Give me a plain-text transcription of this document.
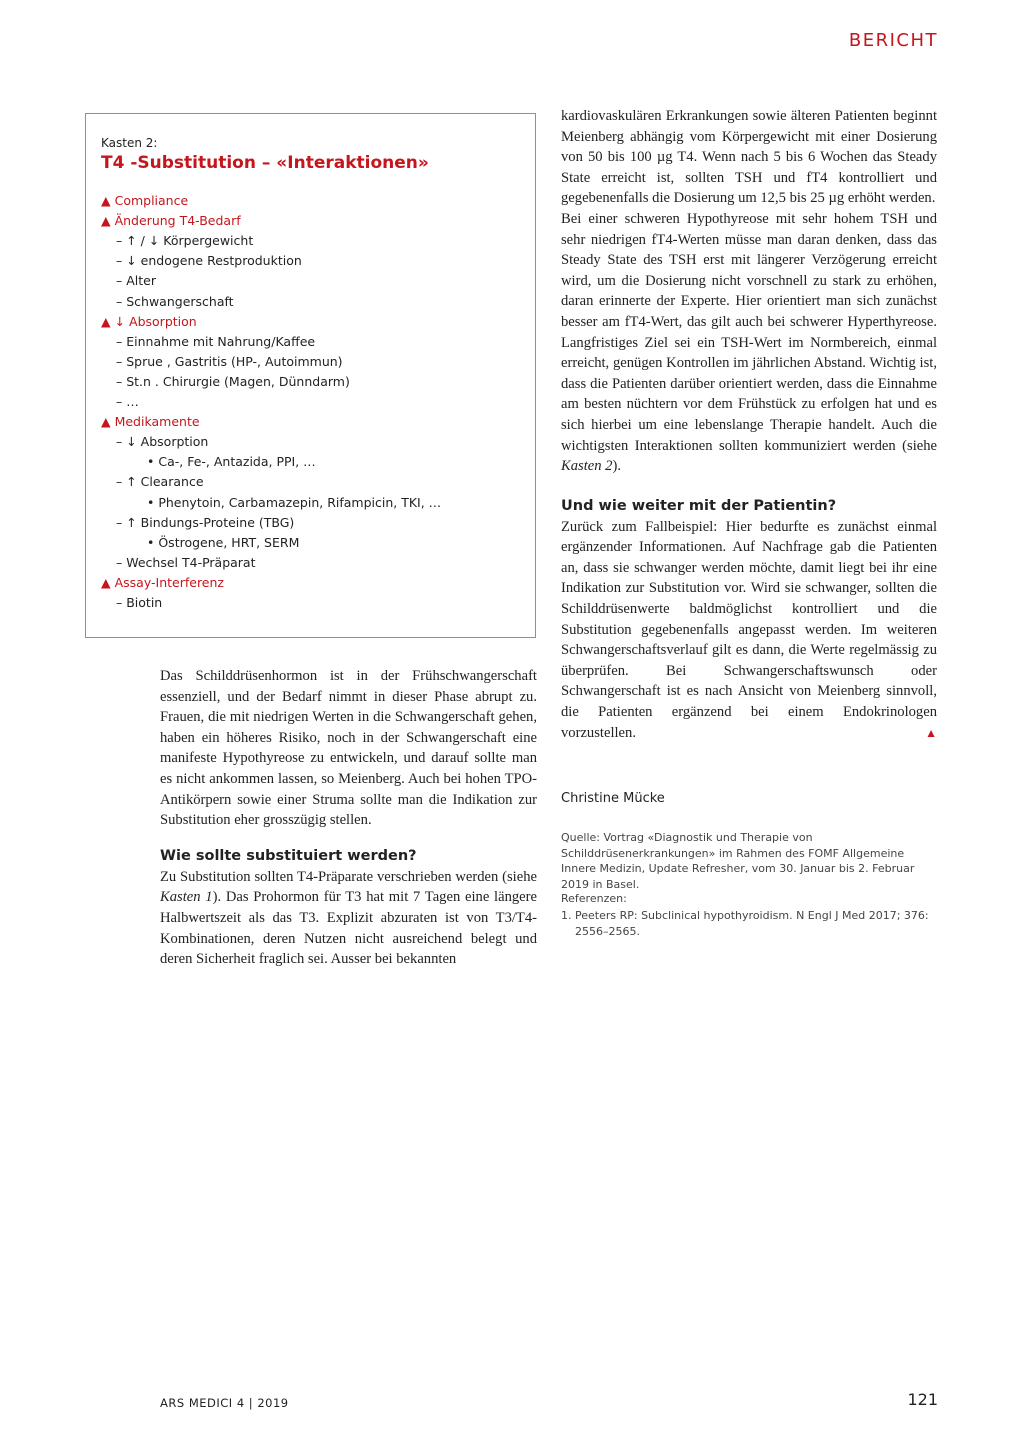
BERICHT
Kasten 2:
T4 -Substitution – «Interaktionen»
▲ Compliance
▲ Änderung T4-Bedarf
– ↑ / ↓ Körpergewicht
– ↓ endogene Restproduktion
– Alter
– Schwangerschaft
▲ ↓ Absorption
– Einnahme mit Nahrung/Kaffee
– Sprue , Gastritis (HP-, Autoimmun)
– St.n . Chirurgie (Magen, Dünndarm)
– …
▲ Medikamente
– ↓ Absorption
• Ca-, Fe-, Antazida, PPI, …
– ↑ Clearance
• Phenytoin, Carbamazepin, Rifampicin, TKI, …
– ↑ Bindungs-Proteine (TBG)
• Östrogene, HRT, SERM
– Wechsel T4-Präparat
▲ Assay-Interferenz
– Biotin

Das Schilddrüsenhormon ist in der Frühschwangerschaft essenziell, und der Bedarf nimmt in dieser Phase abrupt zu. Frauen, die mit niedrigen Werten in die Schwangerschaft gehen, haben ein höheres Risiko, noch in der Schwangerschaft eine manifeste Hypothyreose zu entwickeln, und darauf sollte man es nicht ankommen lassen, so Meienberg. Auch bei hohen TPO-Antikörpern sowie einer Struma sollte man die Indikation zur Substitution eher grosszügig stellen.

Wie sollte substituiert werden?

Zu Substitution sollten T4-Präparate verschrieben werden (siehe Kasten 1). Das Prohormon für T3 hat mit 7 Tagen eine längere Halbwertszeit als das T3. Explizit abzuraten ist von T3/T4-Kombinationen, deren Nutzen nicht ausreichend belegt und deren Sicherheit fraglich sei. Ausser bei bekannten

kardiovaskulären Erkrankungen sowie älteren Patienten beginnt Meienberg abhängig vom Körpergewicht mit einer Dosierung von 50 bis 100 µg T4. Wenn nach 5 bis 6 Wochen das Steady State erreicht ist, sollten TSH und fT4 kontrolliert und gegebenenfalls die Dosierung um 12,5 bis 25 µg erhöht werden.

Bei einer schweren Hypothyreose mit sehr hohem TSH und sehr niedrigen fT4-Werten müsse man daran denken, dass das Steady State des TSH erst mit längerer Verzögerung erreicht wird, um die Dosierung nicht vorschnell zu stark zu erhöhen, daran erinnerte der Experte. Hier orientiert man sich zunächst besser am fT4-Wert, das gilt auch bei schwerer Hyperthyreose. Langfristiges Ziel sei ein TSH-Wert im Normbereich, einmal erreicht, genügen Kontrollen im jährlichen Abstand. Wichtig ist, dass die Patienten darüber orientiert werden, dass die Einnahme am besten nüchtern vor dem Frühstück zu erfolgen hat und es sich hierbei um eine lebenslange Therapie handelt. Auch die wichtigsten Interaktionen sollten kommuniziert werden (siehe Kasten 2).

Und wie weiter mit der Patientin?

Zurück zum Fallbeispiel: Hier bedurfte es zunächst einmal ergänzender Informationen. Auf Nachfrage gab die Patienten an, dass sie schwanger werden möchte, damit liegt bei ihr eine Indikation zur Substitution vor. Wird sie schwanger, sollten die Schilddrüsenwerte baldmöglichst kontrolliert und die Substitution gegebenenfalls angepasst werden. Im weiteren Schwangerschaftsverlauf gilt es dann, die Werte regelmässig zu überprüfen. Bei Schwangerschaftswunsch oder Schwangerschaft ist es nach Ansicht von Meienberg sinnvoll, die Patienten ergänzend bei einem Endokrinologen vorzustellen.	▲

Christine Mücke
Quelle: Vortrag «Diagnostik und Therapie von Schilddrüsenerkrankungen» im Rahmen des FOMF Allgemeine Innere Medizin, Update Refresher, vom 30. Januar bis 2. Februar 2019 in Basel.
Referenzen:
1. Peeters RP: Subclinical hypothyroidism. N Engl J Med 2017; 376: 2556–2565.
ARS MEDICI 4 | 2019	121
